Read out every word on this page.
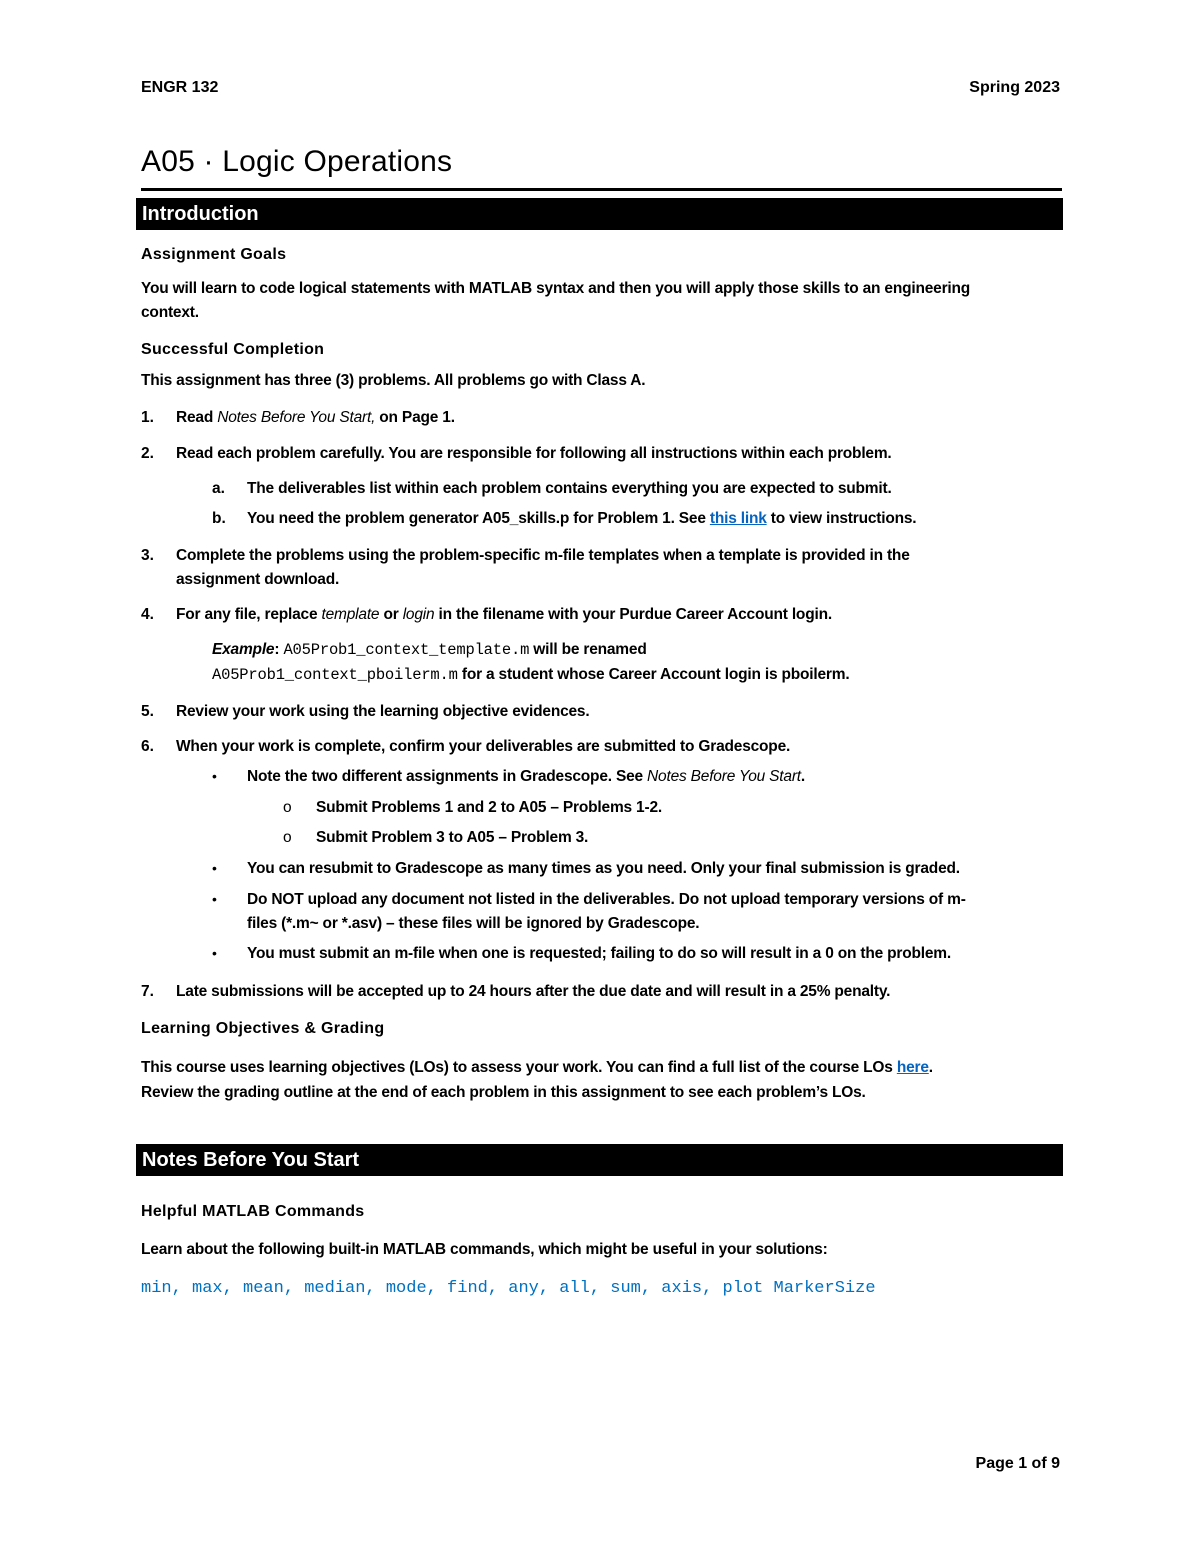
ENGR 132	Spring 2023
A05 · Logic Operations
Introduction
Assignment Goals
You will learn to code logical statements with MATLAB syntax and then you will apply those skills to an engineering
context.
Successful Completion
This assignment has three (3) problems. All problems go with Class A.
1. Read Notes Before You Start, on Page 1.
2. Read each problem carefully. You are responsible for following all instructions within each problem.
a. The deliverables list within each problem contains everything you are expected to submit.
b. You need the problem generator A05_skills.p for Problem 1. See this link to view instructions.
3. Complete the problems using the problem-specific m-file templates when a template is provided in the
assignment download.
4. For any file, replace template or login in the filename with your Purdue Career Account login.
Example: A05Prob1_context_template.m will be renamed
A05Prob1_context_pboilerm.m for a student whose Career Account login is pboilerm.
5. Review your work using the learning objective evidences.
6. When your work is complete, confirm your deliverables are submitted to Gradescope.
• Note the two different assignments in Gradescope. See Notes Before You Start.
o Submit Problems 1 and 2 to A05 – Problems 1-2.
o Submit Problem 3 to A05 – Problem 3.
• You can resubmit to Gradescope as many times as you need. Only your final submission is graded.
• Do NOT upload any document not listed in the deliverables. Do not upload temporary versions of m-
files (*.m~ or *.asv) – these files will be ignored by Gradescope.
• You must submit an m-file when one is requested; failing to do so will result in a 0 on the problem.
7. Late submissions will be accepted up to 24 hours after the due date and will result in a 25% penalty.
Learning Objectives & Grading
This course uses learning objectives (LOs) to assess your work. You can find a full list of the course LOs here.
Review the grading outline at the end of each problem in this assignment to see each problem’s LOs.
Notes Before You Start
Helpful MATLAB Commands
Learn about the following built-in MATLAB commands, which might be useful in your solutions:
min, max, mean, median, mode, find, any, all, sum, axis, plot MarkerSize
Page 1 of 9
